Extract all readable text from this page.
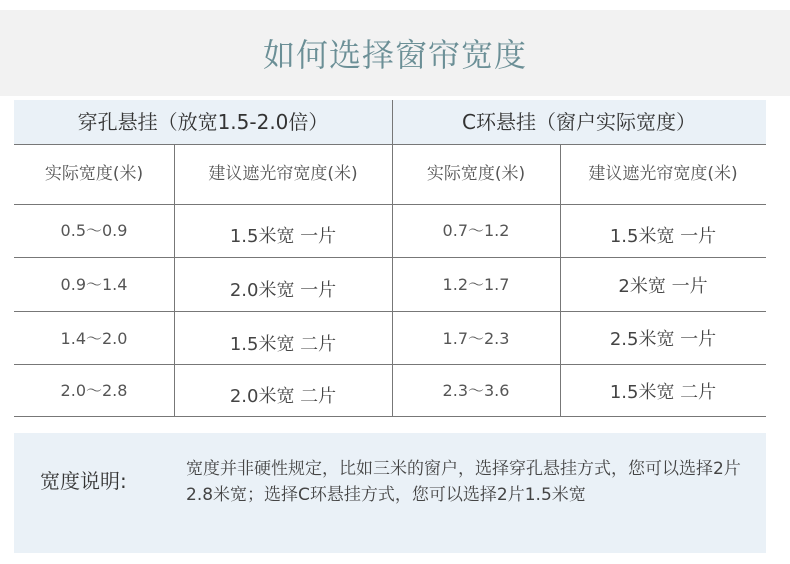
如何选择窗帘宽度
穿孔悬挂（放宽1.5-2.0倍）	C环悬挂（窗户实际宽度）
实际宽度(米)	建议遮光帘宽度(米)	实际宽度(米)	建议遮光帘宽度(米)
0.5～0.9	1.5米宽 一片	0.7～1.2	1.5米宽 一片
0.9～1.4	2.0米宽 一片	1.2～1.7	2米宽 一片
1.4～2.0	1.5米宽 二片	1.7～2.3	2.5米宽 一片
2.0～2.8	2.0米宽 二片	2.3～3.6	1.5米宽 二片
宽度说明:	宽度并非硬性规定，比如三米的窗户，选择穿孔悬挂方式，您可以选择2片2.8米宽；选择C环悬挂方式，您可以选择2片1.5米宽
